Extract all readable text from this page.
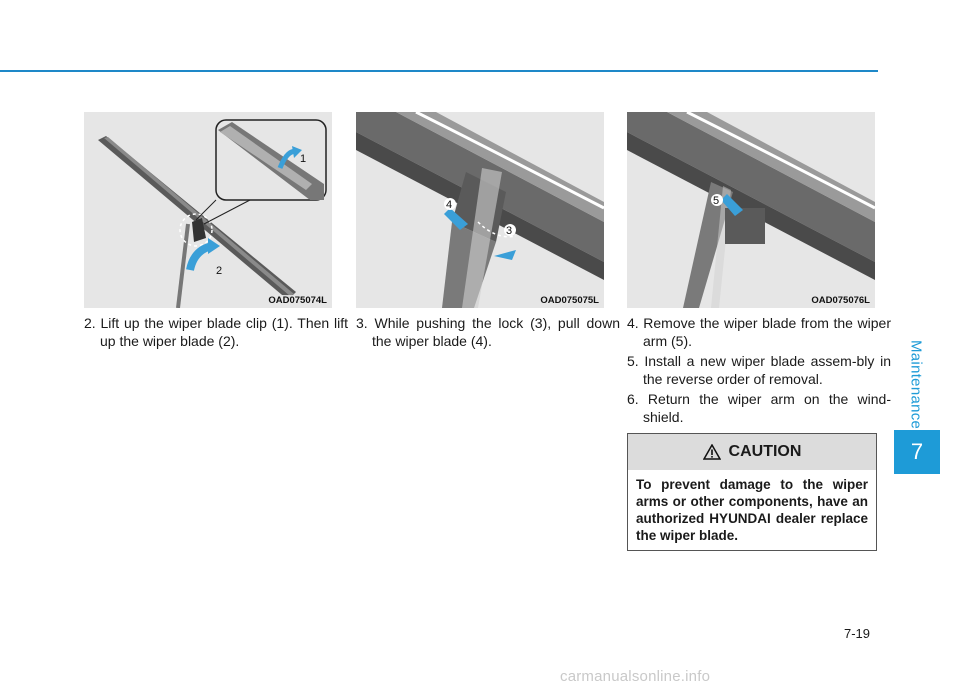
Maintenance
7
1
2
OAD075074L
4
3
OAD075075L
5
OAD075076L
2. Lift up the wiper blade clip (1). Then lift up the wiper blade (2).
3. While pushing the lock (3), pull down the wiper blade (4).
4. Remove the wiper blade from the wiper arm (5).
5. Install a new wiper blade assem-bly in the reverse order of removal.
6. Return the wiper arm on the wind-shield.
CAUTION
To prevent damage to the wiper arms or other components, have an authorized HYUNDAI dealer replace the wiper blade.
7-19
carmanualsonline.info
